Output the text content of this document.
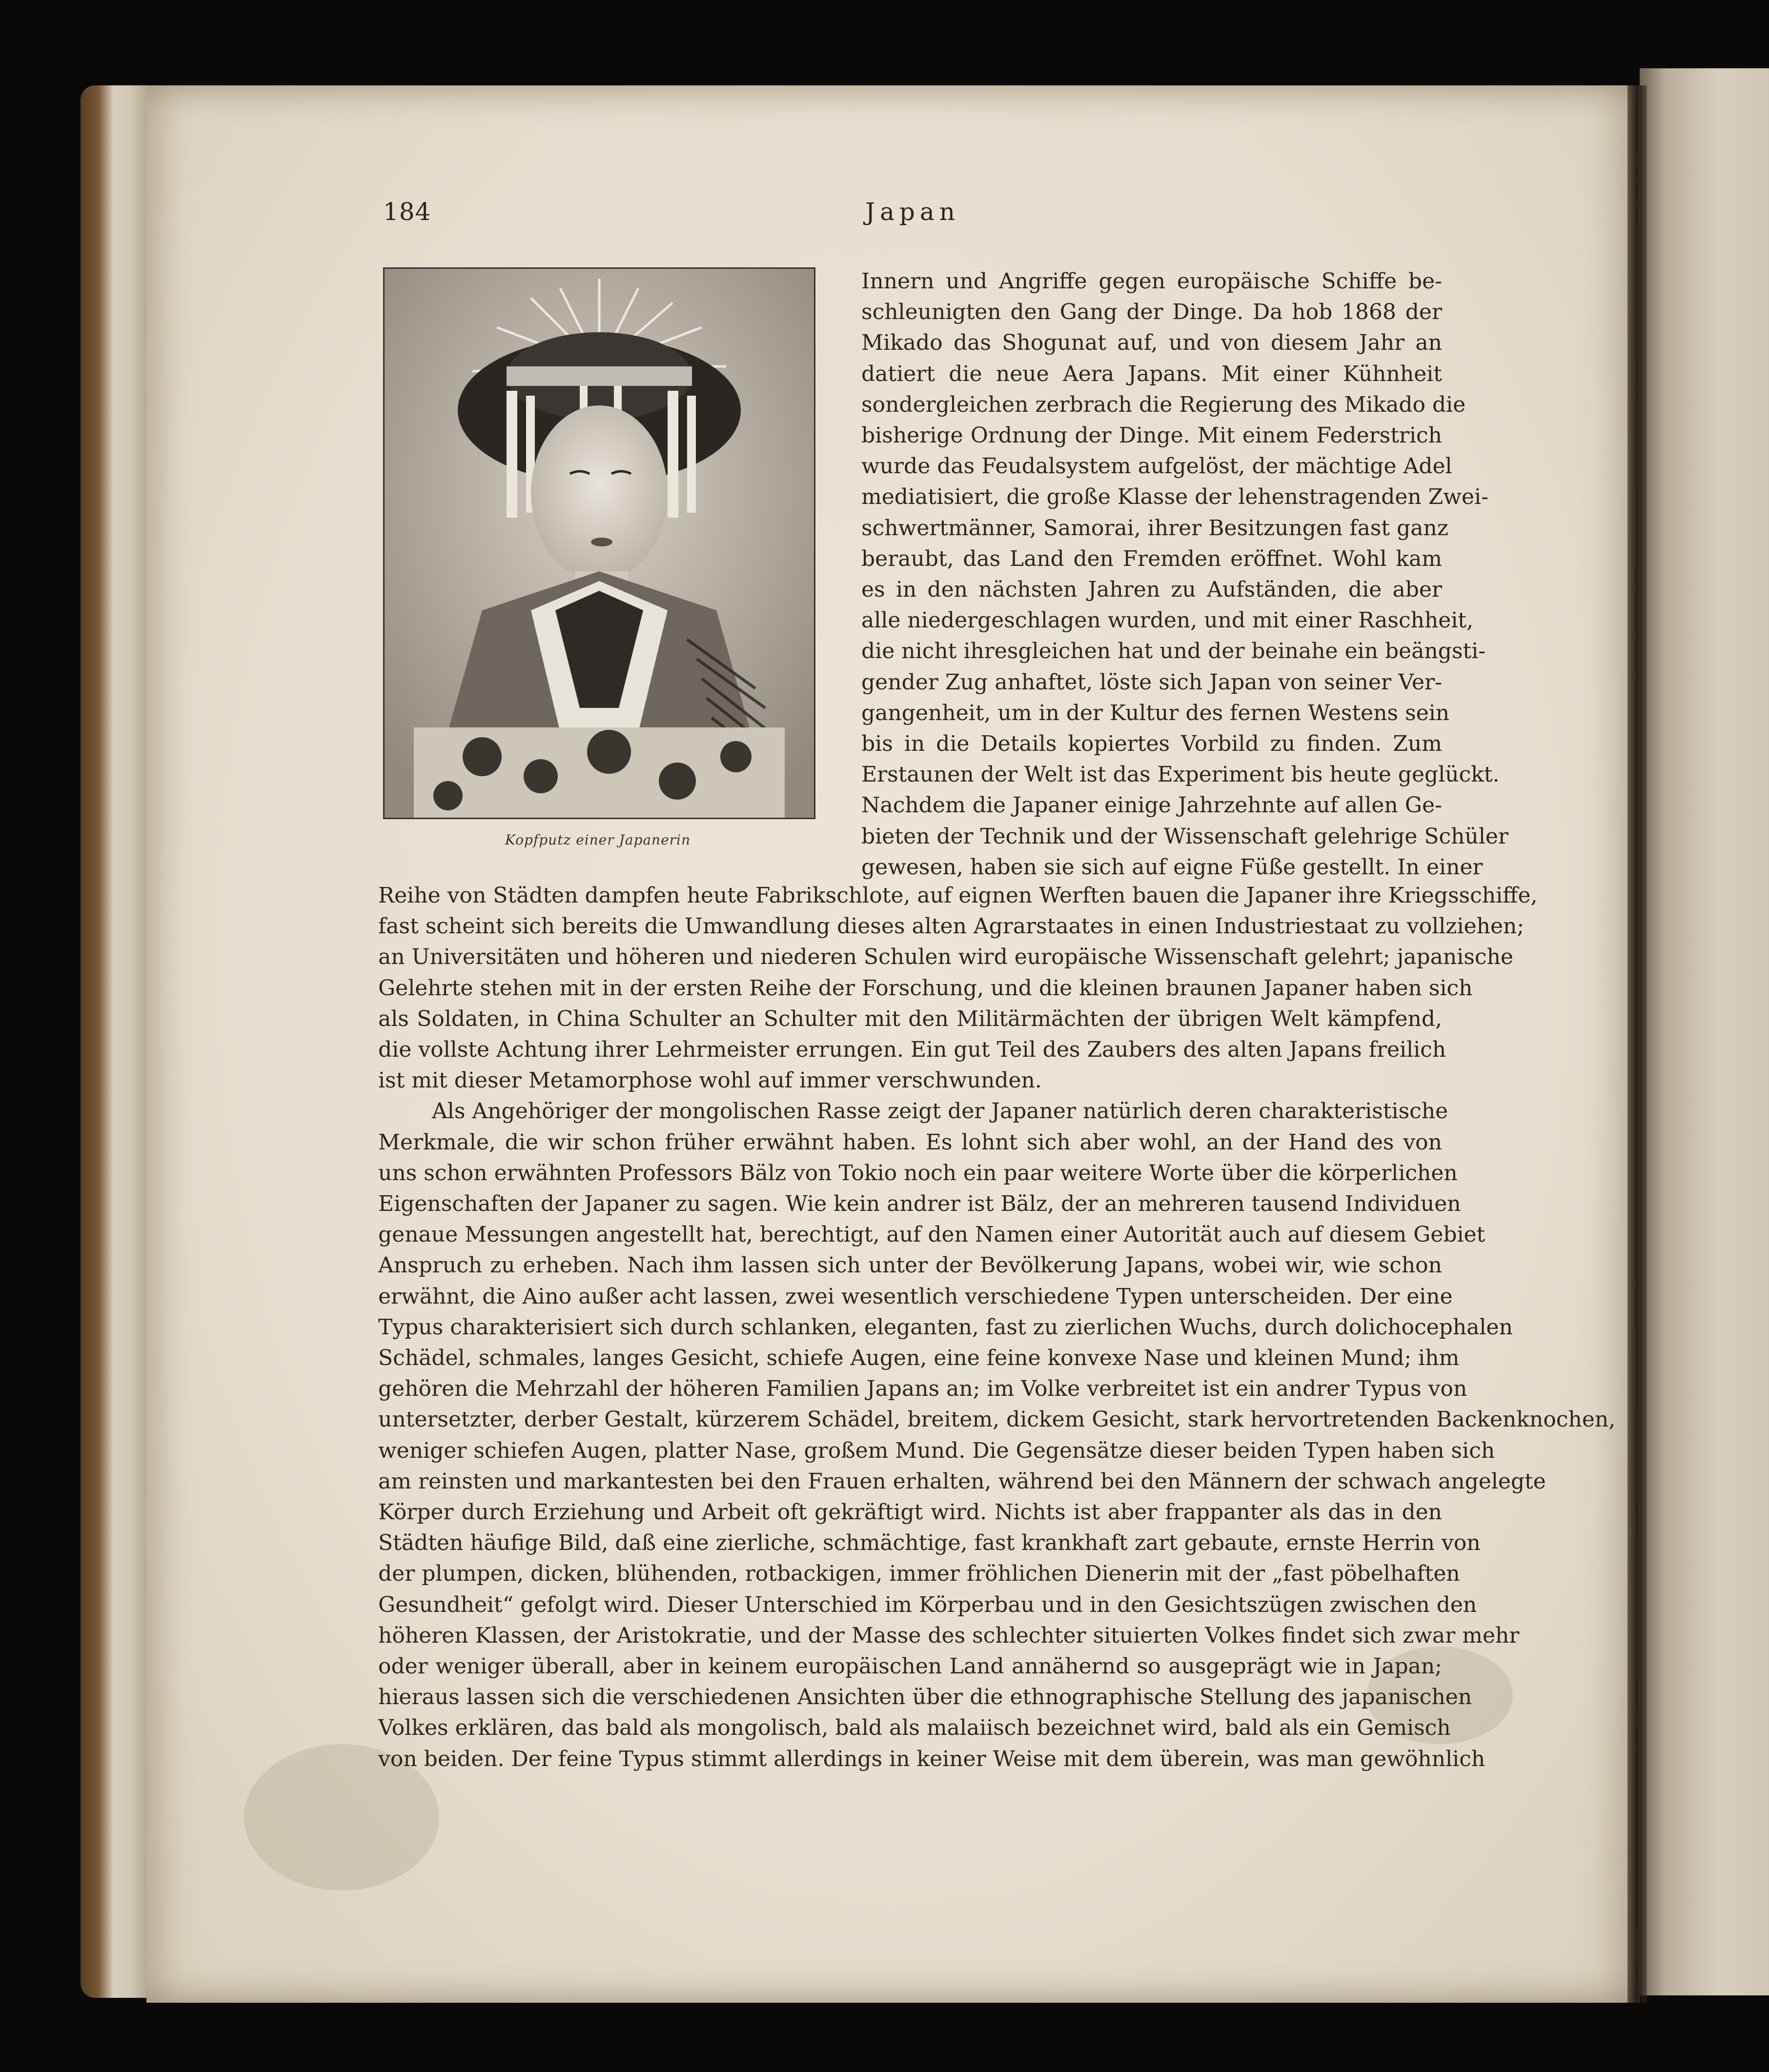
184	Japan
Kopfputz einer Japanerin
Innern und Angriffe gegen europäische Schiffe be-
schleunigten den Gang der Dinge. Da hob 1868 der
Mikado das Shogunat auf, und von diesem Jahr an
datiert die neue Aera Japans. Mit einer Kühnheit
sondergleichen zerbrach die Regierung des Mikado die
bisherige Ordnung der Dinge. Mit einem Federstrich
wurde das Feudalsystem aufgelöst, der mächtige Adel
mediatisiert, die große Klasse der lehenstragenden Zwei-
schwertmänner, Samorai, ihrer Besitzungen fast ganz
beraubt, das Land den Fremden eröffnet. Wohl kam
es in den nächsten Jahren zu Aufständen, die aber
alle niedergeschlagen wurden, und mit einer Raschheit,
die nicht ihresgleichen hat und der beinahe ein beängsti-
gender Zug anhaftet, löste sich Japan von seiner Ver-
gangenheit, um in der Kultur des fernen Westens sein
bis in die Details kopiertes Vorbild zu finden. Zum
Erstaunen der Welt ist das Experiment bis heute geglückt.
Nachdem die Japaner einige Jahrzehnte auf allen Ge-
bieten der Technik und der Wissenschaft gelehrige Schüler
gewesen, haben sie sich auf eigne Füße gestellt. In einer

Reihe von Städten dampfen heute Fabrikschlote, auf eignen Werften bauen die Japaner ihre Kriegsschiffe,
fast scheint sich bereits die Umwandlung dieses alten Agrarstaates in einen Industriestaat zu vollziehen;
an Universitäten und höheren und niederen Schulen wird europäische Wissenschaft gelehrt; japanische
Gelehrte stehen mit in der ersten Reihe der Forschung, und die kleinen braunen Japaner haben sich
als Soldaten, in China Schulter an Schulter mit den Militärmächten der übrigen Welt kämpfend,
die vollste Achtung ihrer Lehrmeister errungen. Ein gut Teil des Zaubers des alten Japans freilich
ist mit dieser Metamorphose wohl auf immer verschwunden.

Als Angehöriger der mongolischen Rasse zeigt der Japaner natürlich deren charakteristische
Merkmale, die wir schon früher erwähnt haben. Es lohnt sich aber wohl, an der Hand des von
uns schon erwähnten Professors Bälz von Tokio noch ein paar weitere Worte über die körperlichen
Eigenschaften der Japaner zu sagen. Wie kein andrer ist Bälz, der an mehreren tausend Individuen
genaue Messungen angestellt hat, berechtigt, auf den Namen einer Autorität auch auf diesem Gebiet
Anspruch zu erheben. Nach ihm lassen sich unter der Bevölkerung Japans, wobei wir, wie schon
erwähnt, die Aino außer acht lassen, zwei wesentlich verschiedene Typen unterscheiden. Der eine
Typus charakterisiert sich durch schlanken, eleganten, fast zu zierlichen Wuchs, durch dolichocephalen
Schädel, schmales, langes Gesicht, schiefe Augen, eine feine konvexe Nase und kleinen Mund; ihm
gehören die Mehrzahl der höheren Familien Japans an; im Volke verbreitet ist ein andrer Typus von
untersetzter, derber Gestalt, kürzerem Schädel, breitem, dickem Gesicht, stark hervortretenden Backenknochen,
weniger schiefen Augen, platter Nase, großem Mund. Die Gegensätze dieser beiden Typen haben sich
am reinsten und markantesten bei den Frauen erhalten, während bei den Männern der schwach angelegte
Körper durch Erziehung und Arbeit oft gekräftigt wird. Nichts ist aber frappanter als das in den
Städten häufige Bild, daß eine zierliche, schmächtige, fast krankhaft zart gebaute, ernste Herrin von
der plumpen, dicken, blühenden, rotbackigen, immer fröhlichen Dienerin mit der „fast pöbelhaften
Gesundheit“ gefolgt wird. Dieser Unterschied im Körperbau und in den Gesichtszügen zwischen den
höheren Klassen, der Aristokratie, und der Masse des schlechter situierten Volkes findet sich zwar mehr
oder weniger überall, aber in keinem europäischen Land annähernd so ausgeprägt wie in Japan;
hieraus lassen sich die verschiedenen Ansichten über die ethnographische Stellung des japanischen
Volkes erklären, das bald als mongolisch, bald als malaiisch bezeichnet wird, bald als ein Gemisch
von beiden. Der feine Typus stimmt allerdings in keiner Weise mit dem überein, was man gewöhnlich
